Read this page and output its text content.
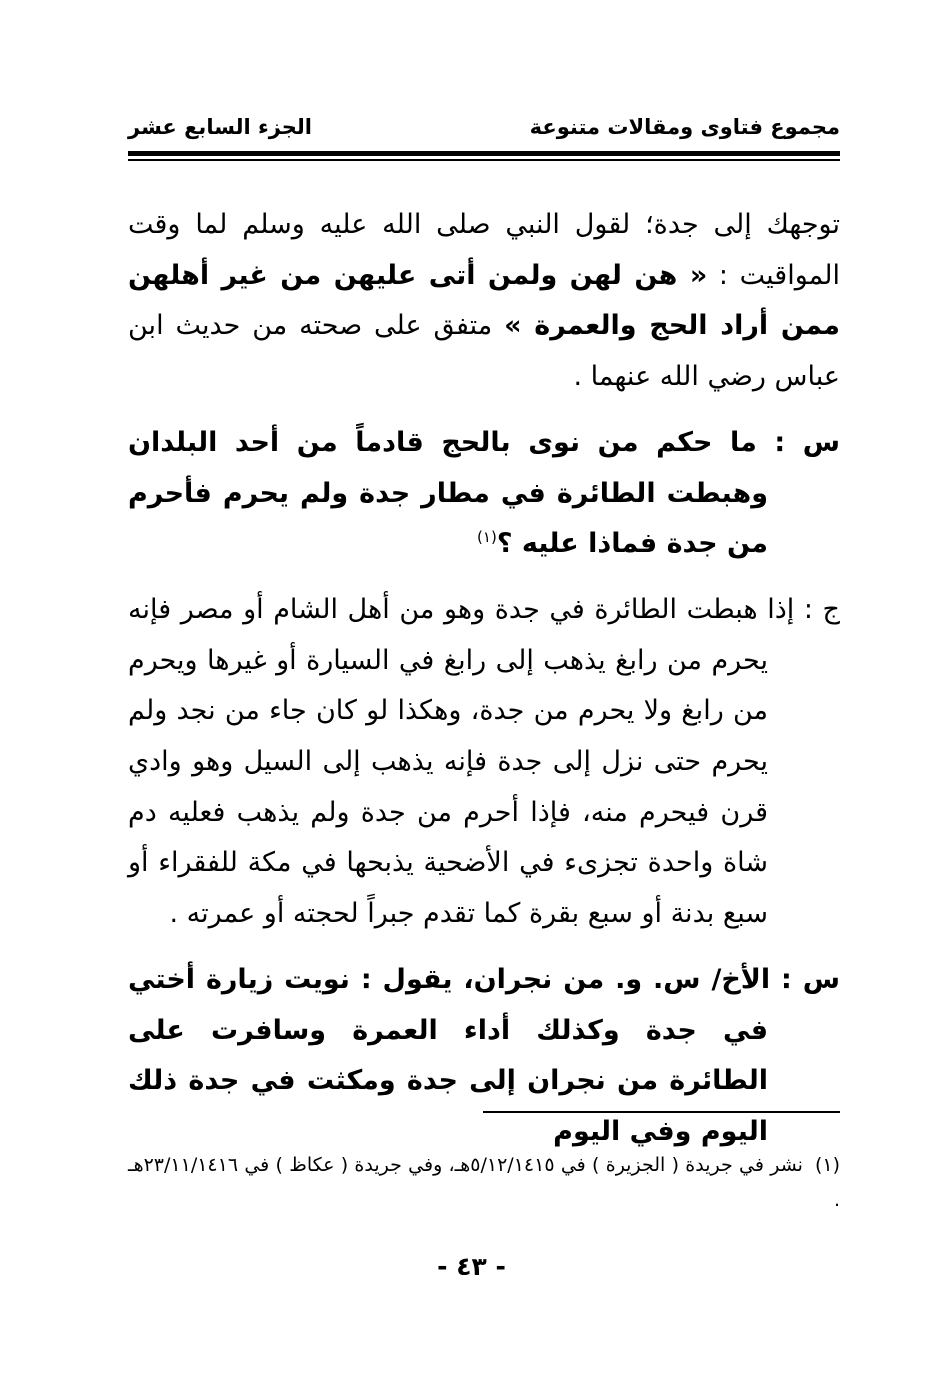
مجموع فتاوى ومقالات متنوعة
الجزء السابع عشر

توجهك إلى جدة؛ لقول النبي صلى الله عليه وسلم لما وقت المواقيت : « هن لهن ولمن أتى عليهن من غير أهلهن ممن أراد الحج والعمرة » متفق على صحته من حديث ابن عباس رضي الله عنهما .

س : ما حكم من نوى بالحج قادماً من أحد البلدان وهبطت الطائرة في مطار جدة ولم يحرم فأحرم من جدة فماذا عليه ؟$^{(١)}$

ج : إذا هبطت الطائرة في جدة وهو من أهل الشام أو مصر فإنه يحرم من رابغ يذهب إلى رابغ في السيارة أو غيرها ويحرم من رابغ ولا يحرم من جدة، وهكذا لو كان جاء من نجد ولم يحرم حتى نزل إلى جدة فإنه يذهب إلى السيل وهو وادي قرن فيحرم منه، فإذا أحرم من جدة ولم يذهب فعليه دم شاة واحدة تجزىء في الأضحية يذبحها في مكة للفقراء أو سبع بدنة أو سبع بقرة كما تقدم جبراً لحجته أو عمرته .

س : الأخ/ س. و. من نجران، يقول : نويت زيارة أختي في جدة وكذلك أداء العمرة وسافرت على الطائرة من نجران إلى جدة ومكثت في جدة ذلك اليوم وفي اليوم

(١)نشر في جريدة ( الجزيرة ) في ٥/١٢/١٤١٥هـ، وفي جريدة ( عكاظ ) في ٢٣/١١/١٤١٦هـ .
- ٤٣ -
